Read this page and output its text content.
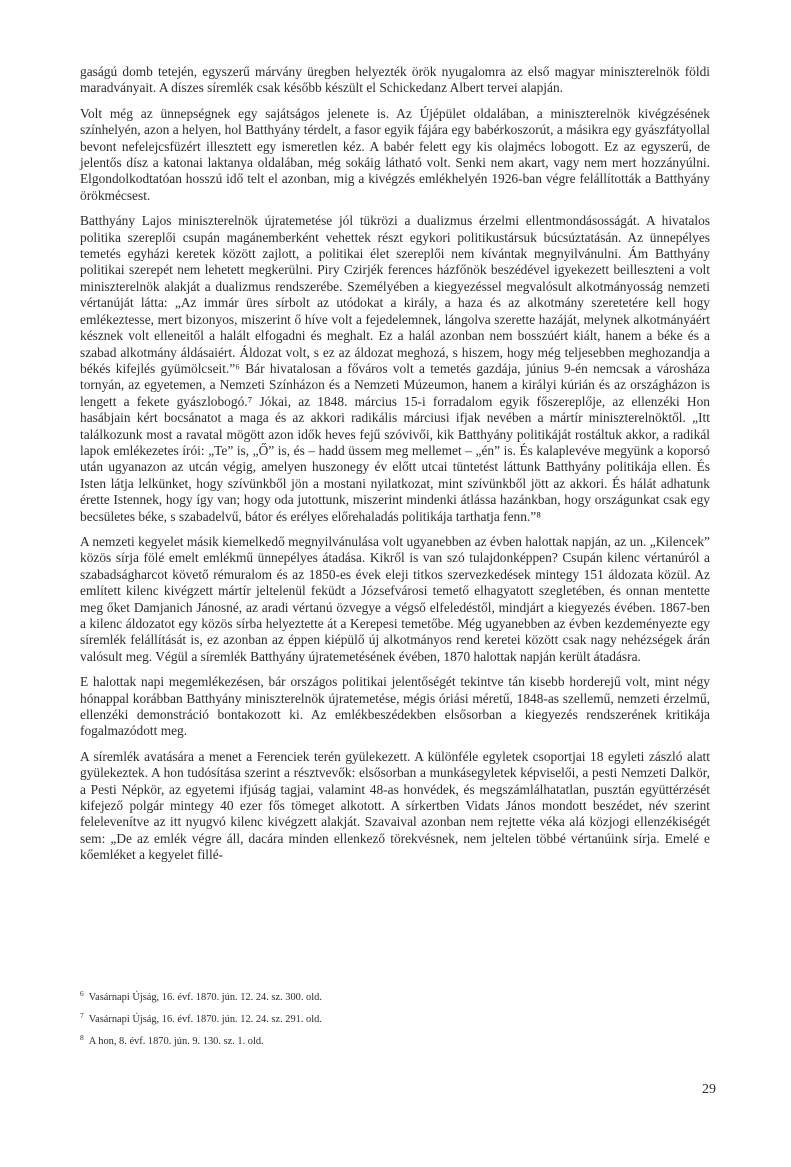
gaságú domb tetején, egyszerű márvány üregben helyezték örök nyugalomra az első magyar miniszterelnök földi maradványait. A díszes síremlék csak később készült el Schickedanz Albert tervei alapján.

Volt még az ünnepségnek egy sajátságos jelenete is. Az Újépület oldalában, a miniszterelnök kivégzésének színhelyén, azon a helyen, hol Batthyány térdelt, a fasor egyik fájára egy babérkoszorút, a másikra egy gyászfátyollal bevont nefelejcsfüzért illesztett egy ismeretlen kéz. A babér felett egy kis olajmécs lobogott. Ez az egyszerű, de jelentős dísz a katonai laktanya oldalában, még sokáig látható volt. Senki nem akart, vagy nem mert hozzányúlni. Elgondolkodtatóan hosszú idő telt el azonban, mig a kivégzés emlékhelyén 1926-ban végre felállították a Batthyány örökmécsest.

Batthyány Lajos miniszterelnök újratemetése jól tükrözi a dualizmus érzelmi ellentmondásosságát. A hivatalos politika szereplői csupán magánemberként vehettek részt egykori politikustársuk búcsúztatásán. Az ünnepélyes temetés egyházi keretek között zajlott, a politikai élet szereplői nem kívántak megnyilvánulni. Ám Batthyány politikai szerepét nem lehetett megkerülni. Piry Czirjék ferences házfőnök beszédével igyekezett beilleszteni a volt miniszterelnök alakját a dualizmus rendszerébe. Személyében a kiegyezéssel megvalósult alkotmányosság nemzeti vértanúját látta: „Az immár üres sírbolt az utódokat a király, a haza és az alkotmány szeretetére kell hogy emlékeztesse, mert bizonyos, miszerint ő híve volt a fejedelemnek, lángolva szerette hazáját, melynek alkotmányáért késznek volt elleneitől a halált elfogadni és meghalt. Ez a halál azonban nem bosszúért kiált, hanem a béke és a szabad alkotmány áldásaiért. Áldozat volt, s ez az áldozat meghozá, s hiszem, hogy még teljesebben meghozandja a békés kifejlés gyümölcseit.”⁶ Bár hivatalosan a főváros volt a temetés gazdája, június 9-én nemcsak a városháza tornyán, az egyetemen, a Nemzeti Színházon és a Nemzeti Múzeumon, hanem a királyi kúrián és az országházon is lengett a fekete gyászlobogó.⁷ Jókai, az 1848. március 15-i forradalom egyik főszereplője, az ellenzéki Hon hasábjain kért bocsánatot a maga és az akkori radikális márciusi ifjak nevében a mártír miniszterelnöktől. „Itt találkozunk most a ravatal mögött azon idők heves fejű szóvivői, kik Batthyány politikáját rostáltuk akkor, a radikál lapok emlékezetes írói: „Te” is, „Ő” is, és – hadd üssem meg mellemet – „én” is. És kalaplevéve megyünk a koporsó után ugyanazon az utcán végig, amelyen huszonegy év előtt utcai tüntetést láttunk Batthyány politikája ellen. És Isten látja lelkünket, hogy szívünkből jön a mostani nyilatkozat, mint szívünkből jött az akkori. És hálát adhatunk érette Istennek, hogy így van; hogy oda jutottunk, miszerint mindenki átlássa hazánkban, hogy országunkat csak egy becsületes béke, s szabadelvű, bátor és erélyes előrehaladás politikája tarthatja fenn.”⁸

A nemzeti kegyelet másik kiemelkedő megnyilvánulása volt ugyanebben az évben halottak napján, az un. „Kilencek” közös sírja fölé emelt emlékmű ünnepélyes átadása. Kikről is van szó tulajdonképpen? Csupán kilenc vértanúról a szabadságharcot követő rémuralom és az 1850-es évek eleji titkos szervezkedések mintegy 151 áldozata közül. Az említett kilenc kivégzett mártír jeltelenül feküdt a Józsefvárosi temető elhagyatott szegletében, és onnan mentette meg őket Damjanich Jánosné, az aradi vértanú özvegye a végső elfeledéstől, mindjárt a kiegyezés évében. 1867-ben a kilenc áldozatot egy közös sírba helyeztette át a Kerepesi temetőbe. Még ugyanebben az évben kezdeményezte egy síremlék felállítását is, ez azonban az éppen kiépülő új alkotmányos rend keretei között csak nagy nehézségek árán valósult meg. Végül a síremlék Batthyány újratemetésének évében, 1870 halottak napján került átadásra.

E halottak napi megemlékezésen, bár országos politikai jelentőségét tekintve tán kisebb horderejű volt, mint négy hónappal korábban Batthyány miniszterelnök újratemetése, mégis óriási méretű, 1848-as szellemű, nemzeti érzelmű, ellenzéki demonstráció bontakozott ki. Az emlékbeszédekben elsősorban a kiegyezés rendszerének kritikája fogalmazódott meg.

A síremlék avatására a menet a Ferenciek terén gyülekezett. A különféle egyletek csoportjai 18 egyleti zászló alatt gyülekeztek. A hon tudósítása szerint a résztvevők: elsősorban a munkásegyletek képviselői, a pesti Nemzeti Dalkör, a Pesti Népkör, az egyetemi ifjúság tagjai, valamint 48-as honvédek, és megszámlálhatatlan, pusztán együttérzését kifejező polgár mintegy 40 ezer fős tömeget alkotott. A sírkertben Vidats János mondott beszédet, név szerint felelevenítve az itt nyugvó kilenc kivégzett alakját. Szavaival azonban nem rejtette véka alá közjogi ellenzékiségét sem: „De az emlék végre áll, dacára minden ellenkező törekvésnek, nem jeltelen többé vértanúink sírja. Emelé e kőemléket a kegyelet fillé-

$^6$ Vasárnapi Újság, 16. évf. 1870. jún. 12. 24. sz. 300. old.

$^7$ Vasárnapi Újság, 16. évf. 1870. jún. 12. 24. sz. 291. old.

$^8$ A hon, 8. évf. 1870. jún. 9. 130. sz. 1. old.

29
